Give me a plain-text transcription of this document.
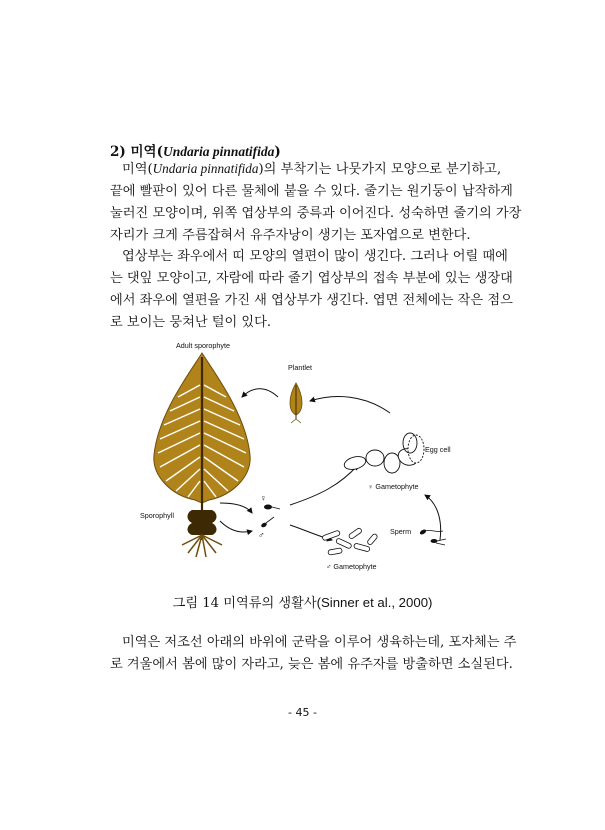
2) 미역(Undaria pinnatifida)
미역(Undaria pinnatifida)의 부착기는 나뭇가지 모양으로 분기하고,
끝에 빨판이 있어 다른 물체에 붙을 수 있다. 줄기는 원기둥이 납작하게
눌러진 모양이며, 위쪽 엽상부의 중륵과 이어진다. 성숙하면 줄기의 가장
자리가 크게 주름잡혀서 유주자낭이 생기는 포자엽으로 변한다.
엽상부는 좌우에서 띠 모양의 열편이 많이 생긴다. 그러나 어릴 때에
는 댓잎 모양이고, 자람에 따라 줄기 엽상부의 접속 부분에 있는 생장대
에서 좌우에 열편을 가진 새 엽상부가 생긴다. 엽면 전체에는 작은 점으
로 보이는 뭉쳐난 털이 있다.
Adult sporophyte
Plantlet
Egg cell
♀ Gametophyte
Sporophyll
Sperm
♂ Gametophyte
♀
♂
그림 14 미역류의 생활사(Sinner et al., 2000)
미역은 저조선 아래의 바위에 군락을 이루어 생육하는데, 포자체는 주
로 겨울에서 봄에 많이 자라고, 늦은 봄에 유주자를 방출하면 소실된다.
- 45 -
